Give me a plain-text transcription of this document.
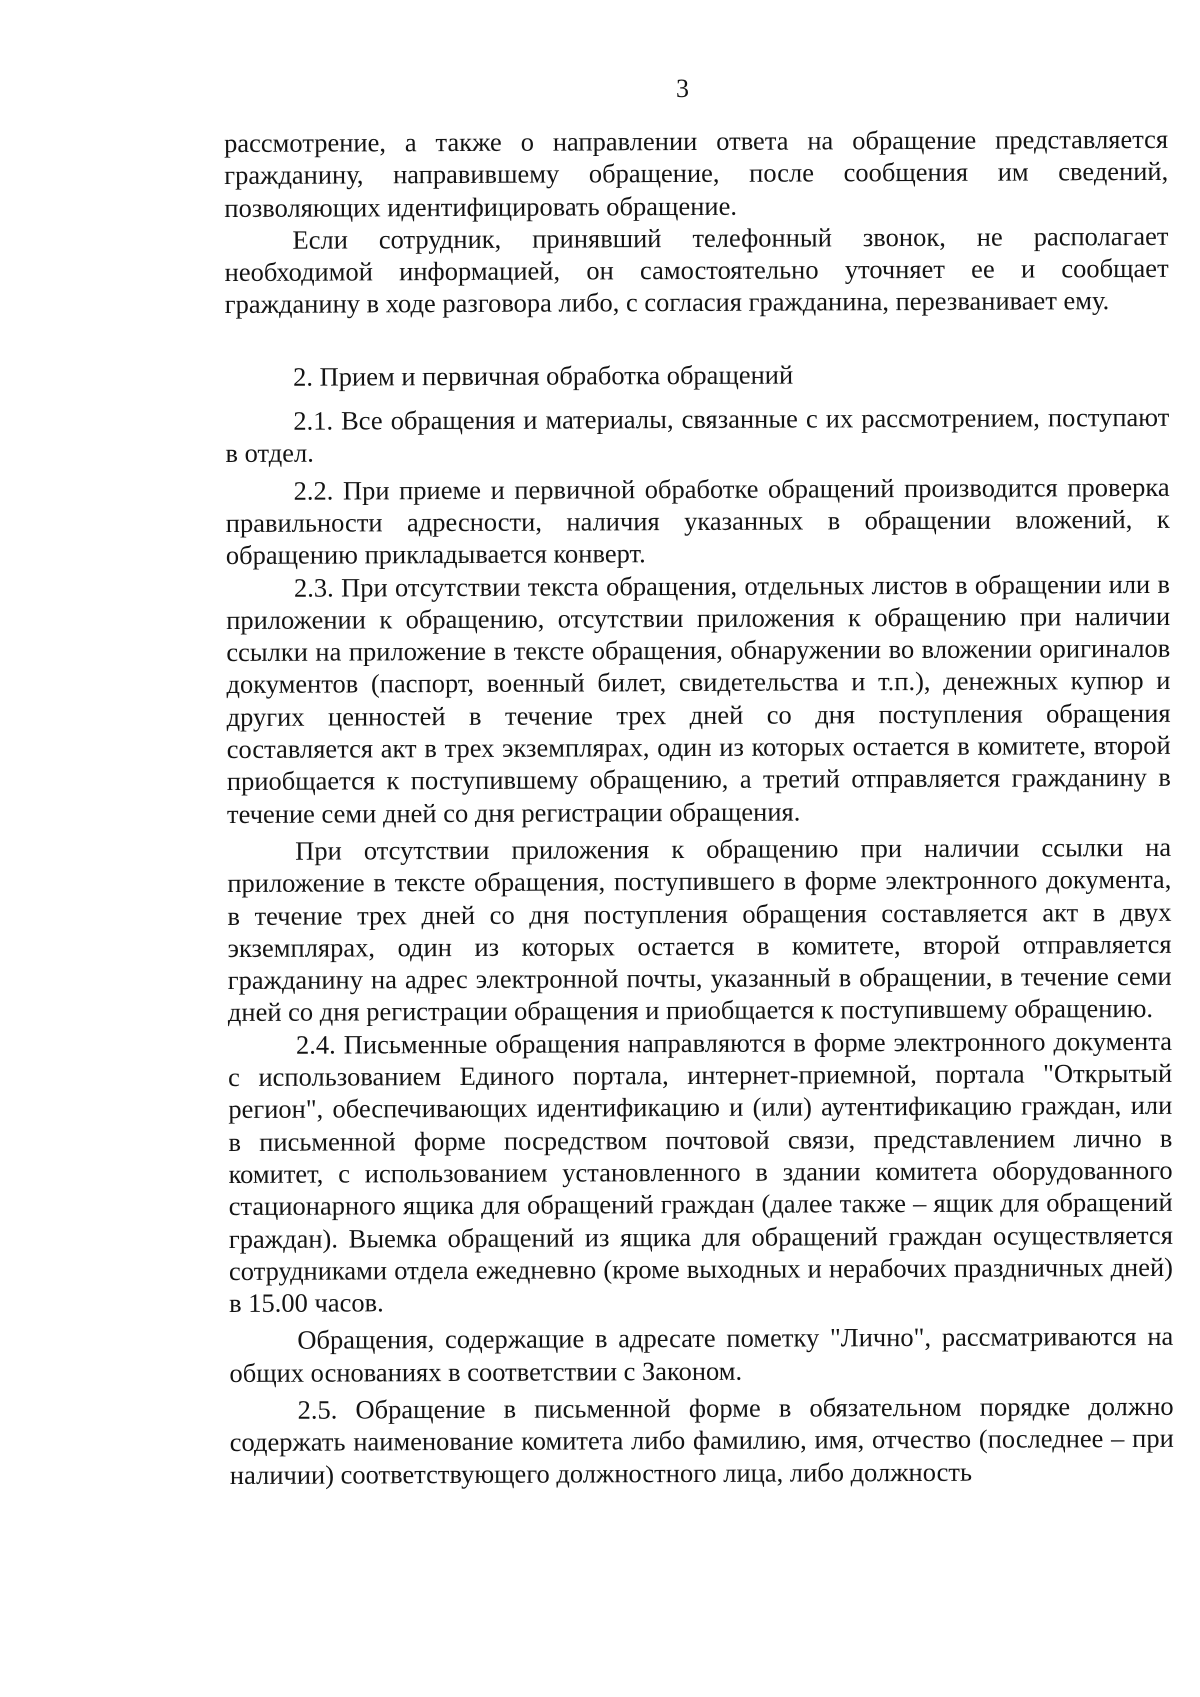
3

рассмотрение, а также о направлении ответа на обращение представляется гражданину, направившему обращение, после сообщения им сведений, позволяющих идентифицировать обращение.

Если сотрудник, принявший телефонный звонок, не располагает необходимой информацией, он самостоятельно уточняет ее и сообщает гражданину в ходе разговора либо, с согласия гражданина, перезванивает ему.

2. Прием и первичная обработка обращений

2.1. Все обращения и материалы, связанные с их рассмотрением, поступают в отдел.

2.2. При приеме и первичной обработке обращений производится проверка правильности адресности, наличия указанных в обращении вложений, к обращению прикладывается конверт.

2.3. При отсутствии текста обращения, отдельных листов в обращении или в приложении к обращению, отсутствии приложения к обращению при наличии ссылки на приложение в тексте обращения, обнаружении во вложении оригиналов документов (паспорт, военный билет, свидетельства и т.п.), денежных купюр и других ценностей в течение трех дней со дня поступления обращения составляется акт в трех экземплярах, один из которых остается в комитете, второй приобщается к поступившему обращению, а третий отправляется гражданину в течение семи дней со дня регистрации обращения.

При отсутствии приложения к обращению при наличии ссылки на приложение в тексте обращения, поступившего в форме электронного документа, в течение трех дней со дня поступления обращения составляется акт в двух экземплярах, один из которых остается в комитете, второй отправляется гражданину на адрес электронной почты, указанный в обращении, в течение семи дней со дня регистрации обращения и приобщается к поступившему обращению.

2.4. Письменные обращения направляются в форме электронного документа с использованием Единого портала, интернет-приемной, портала "Открытый регион", обеспечивающих идентификацию и (или) аутентификацию граждан, или в письменной форме посредством почтовой связи, представлением лично в комитет, с использованием установленного в здании комитета оборудованного стационарного ящика для обращений граждан (далее также – ящик для обращений граждан). Выемка обращений из ящика для обращений граждан осуществляется сотрудниками отдела ежедневно (кроме выходных и нерабочих праздничных дней) в 15.00 часов.

Обращения, содержащие в адресате пометку "Лично", рассматриваются на общих основаниях в соответствии с Законом.

2.5. Обращение в письменной форме в обязательном порядке должно содержать наименование комитета либо фамилию, имя, отчество (последнее – при наличии) соответствующего должностного лица, либо должность
